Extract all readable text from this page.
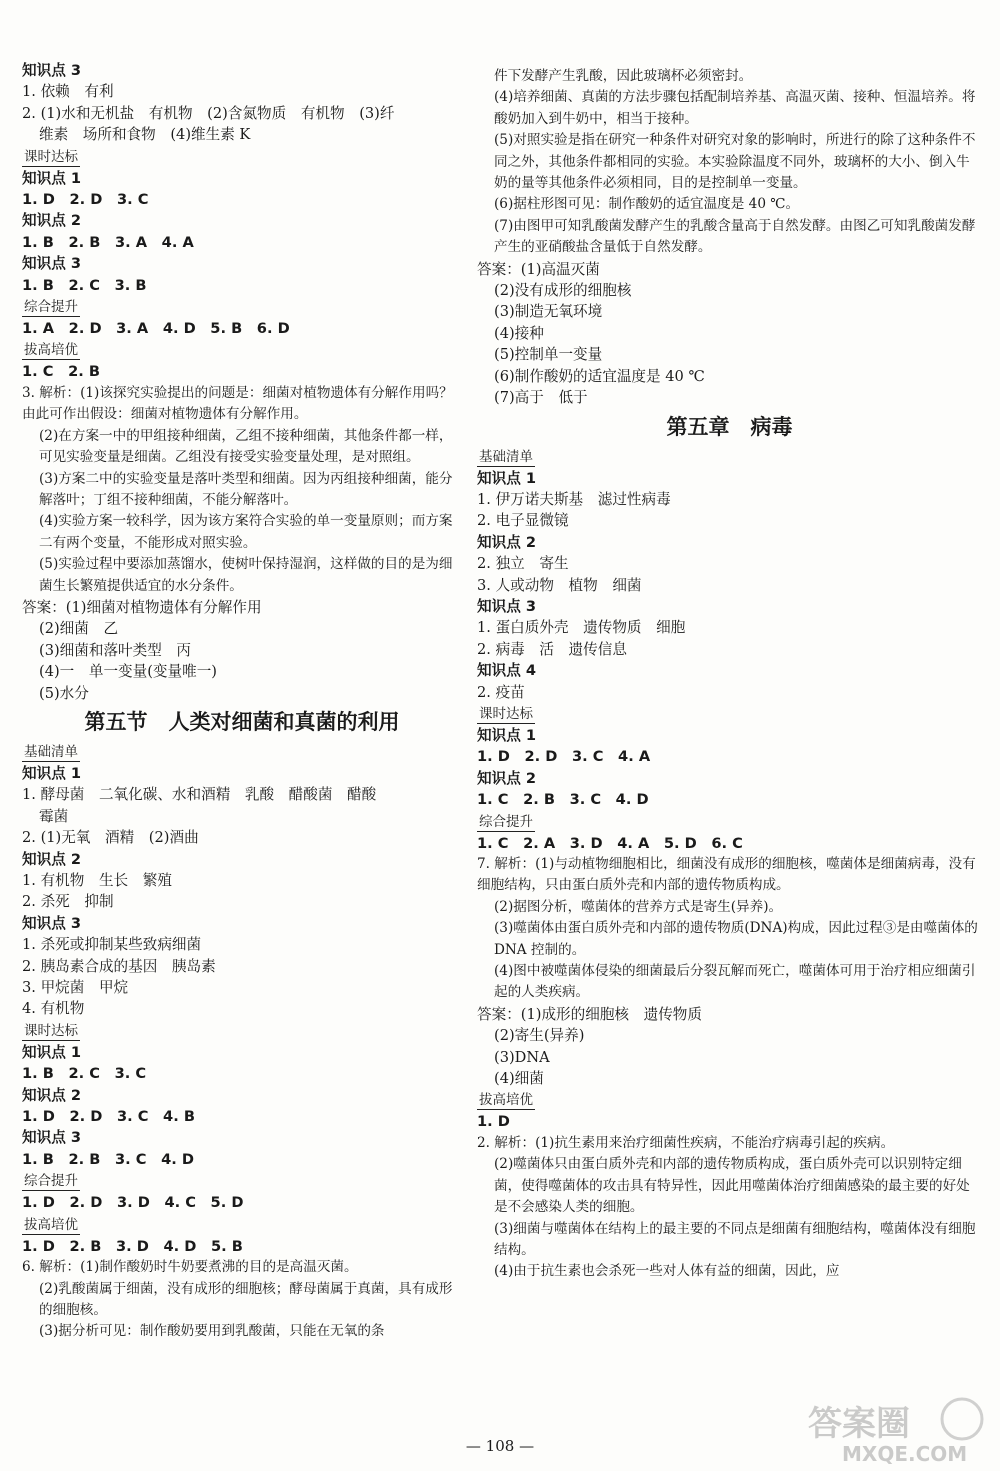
知识点 3
1. 依赖　有利
2. (1)水和无机盐　有机物　(2)含氮物质　有机物　(3)纤
维素　场所和食物　(4)维生素 K
课时达标
知识点 1
1. D　2. D　3. C
知识点 2
1. B　2. B　3. A　4. A
知识点 3
1. B　2. C　3. B
综合提升
1. A　2. D　3. A　4. D　5. B　6. D
拔高培优
1. C　2. B
3. 解析：(1)该探究实验提出的问题是：细菌对植物遗体有分解作用吗？由此可作出假设：细菌对植物遗体有分解作用。
(2)在方案一中的甲组接种细菌，乙组不接种细菌，其他条件都一样，可见实验变量是细菌。乙组没有接受实验变量处理，是对照组。
(3)方案二中的实验变量是落叶类型和细菌。因为丙组接种细菌，能分解落叶；丁组不接种细菌，不能分解落叶。
(4)实验方案一较科学，因为该方案符合实验的单一变量原则；而方案二有两个变量，不能形成对照实验。
(5)实验过程中要添加蒸馏水，使树叶保持湿润，这样做的目的是为细菌生长繁殖提供适宜的水分条件。
答案：(1)细菌对植物遗体有分解作用
(2)细菌　乙
(3)细菌和落叶类型　丙
(4)一　单一变量(变量唯一)
(5)水分
第五节　人类对细菌和真菌的利用
基础清单
知识点 1
1. 酵母菌　二氧化碳、水和酒精　乳酸　醋酸菌　醋酸
霉菌
2. (1)无氧　酒精　(2)酒曲
知识点 2
1. 有机物　生长　繁殖
2. 杀死　抑制
知识点 3
1. 杀死或抑制某些致病细菌
2. 胰岛素合成的基因　胰岛素
3. 甲烷菌　甲烷
4. 有机物
课时达标
知识点 1
1. B　2. C　3. C
知识点 2
1. D　2. D　3. C　4. B
知识点 3
1. B　2. B　3. C　4. D
综合提升
1. D　2. D　3. D　4. C　5. D
拔高培优
1. D　2. B　3. D　4. D　5. B
6. 解析：(1)制作酸奶时牛奶要煮沸的目的是高温灭菌。
(2)乳酸菌属于细菌，没有成形的细胞核；酵母菌属于真菌，具有成形的细胞核。
(3)据分析可见：制作酸奶要用到乳酸菌，只能在无氧的条
件下发酵产生乳酸，因此玻璃杯必须密封。
(4)培养细菌、真菌的方法步骤包括配制培养基、高温灭菌、接种、恒温培养。将酸奶加入到牛奶中，相当于接种。
(5)对照实验是指在研究一种条件对研究对象的影响时，所进行的除了这种条件不同之外，其他条件都相同的实验。本实验除温度不同外，玻璃杯的大小、倒入牛奶的量等其他条件必须相同，目的是控制单一变量。
(6)据柱形图可见：制作酸奶的适宜温度是 40 ℃。
(7)由图甲可知乳酸菌发酵产生的乳酸含量高于自然发酵。由图乙可知乳酸菌发酵产生的亚硝酸盐含量低于自然发酵。
答案：(1)高温灭菌
(2)没有成形的细胞核
(3)制造无氧环境
(4)接种
(5)控制单一变量
(6)制作酸奶的适宜温度是 40 ℃
(7)高于　低于
第五章　病毒
基础清单
知识点 1
1. 伊万诺夫斯基　滤过性病毒
2. 电子显微镜
知识点 2
2. 独立　寄生
3. 人或动物　植物　细菌
知识点 3
1. 蛋白质外壳　遗传物质　细胞
2. 病毒　活　遗传信息
知识点 4
2. 疫苗
课时达标
知识点 1
1. D　2. D　3. C　4. A
知识点 2
1. C　2. B　3. C　4. D
综合提升
1. C　2. A　3. D　4. A　5. D　6. C
7. 解析：(1)与动植物细胞相比，细菌没有成形的细胞核，噬菌体是细菌病毒，没有细胞结构，只由蛋白质外壳和内部的遗传物质构成。
(2)据图分析，噬菌体的营养方式是寄生(异养)。
(3)噬菌体由蛋白质外壳和内部的遗传物质(DNA)构成，因此过程③是由噬菌体的 DNA 控制的。
(4)图中被噬菌体侵染的细菌最后分裂瓦解而死亡，噬菌体可用于治疗相应细菌引起的人类疾病。
答案：(1)成形的细胞核　遗传物质
(2)寄生(异养)
(3)DNA
(4)细菌
拔高培优
1. D
2. 解析：(1)抗生素用来治疗细菌性疾病，不能治疗病毒引起的疾病。
(2)噬菌体只由蛋白质外壳和内部的遗传物质构成，蛋白质外壳可以识别特定细菌，使得噬菌体的攻击具有特异性，因此用噬菌体治疗细菌感染的最主要的好处是不会感染人类的细胞。
(3)细菌与噬菌体在结构上的最主要的不同点是细菌有细胞结构，噬菌体没有细胞结构。
(4)由于抗生素也会杀死一些对人体有益的细菌，因此，应
— 108 —
答案圈
MXQE.COM
